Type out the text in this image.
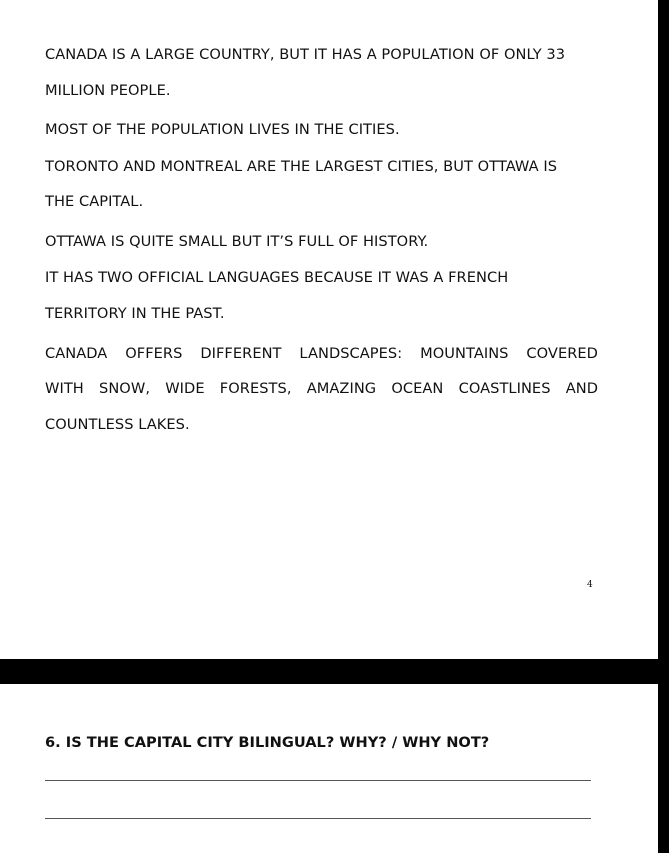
CANADA IS A LARGE COUNTRY, BUT IT HAS A POPULATION OF ONLY 33

MILLION PEOPLE.

MOST OF THE POPULATION LIVES IN THE CITIES.

TORONTO AND MONTREAL ARE THE LARGEST CITIES, BUT OTTAWA IS

THE CAPITAL.

OTTAWA IS QUITE SMALL BUT IT’S FULL OF HISTORY.

IT HAS TWO OFFICIAL LANGUAGES BECAUSE IT WAS A FRENCH

TERRITORY IN THE PAST.

CANADA OFFERS DIFFERENT LANDSCAPES: MOUNTAINS COVERED
WITH SNOW, WIDE FORESTS, AMAZING OCEAN COASTLINES AND

COUNTLESS LAKES.

4

6. IS THE CAPITAL CITY BILINGUAL? WHY? / WHY NOT?
